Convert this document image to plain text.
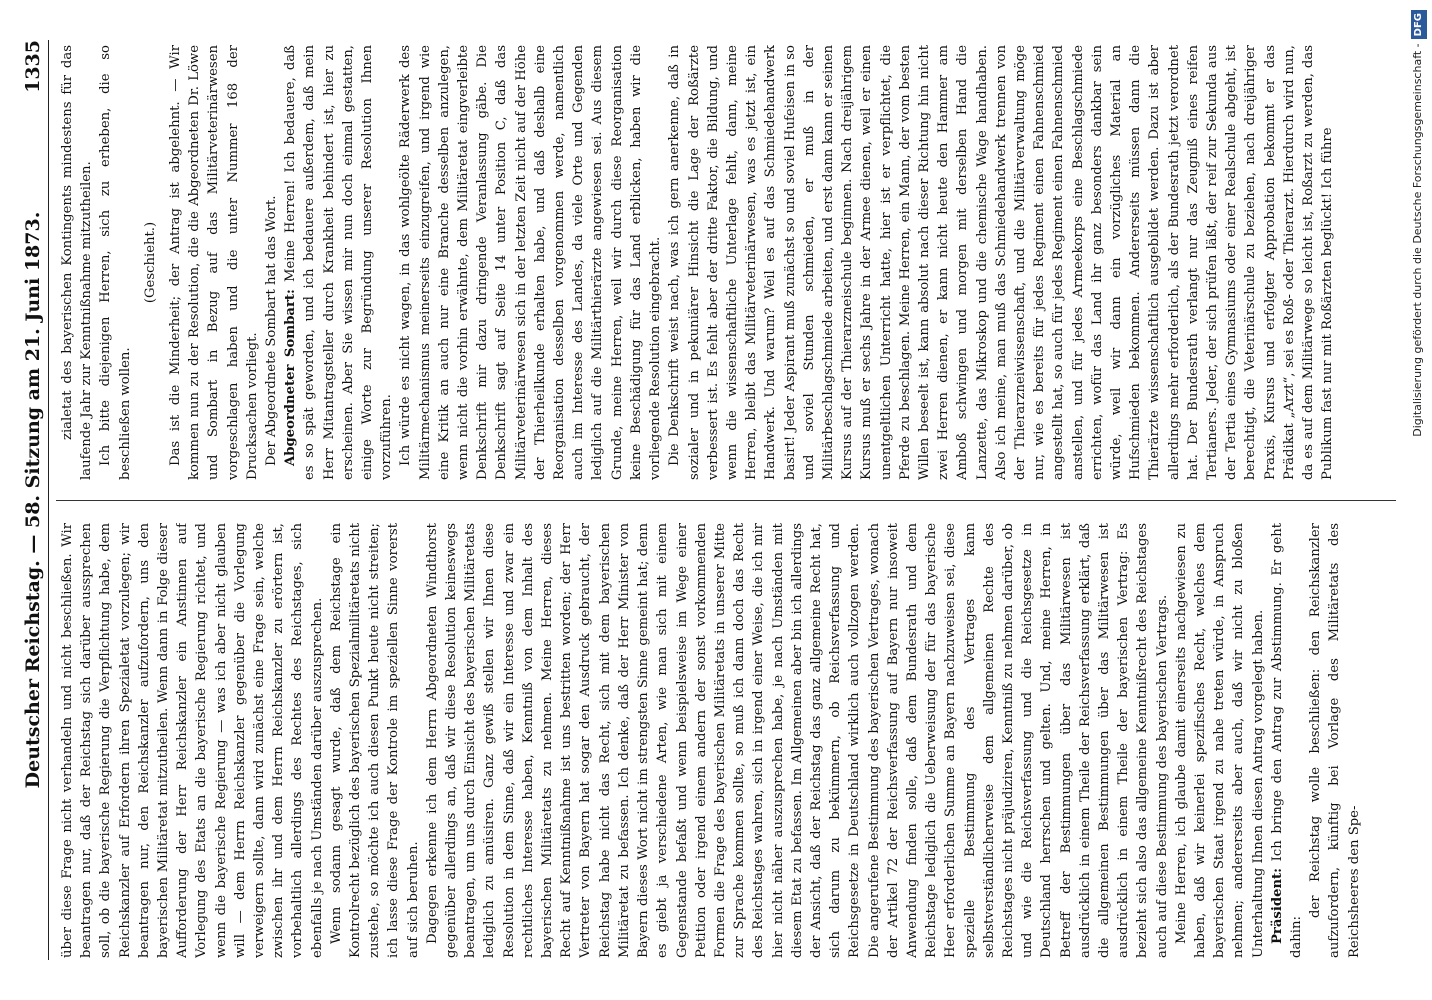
Deutscher Reichstag. — 58. Sitzung am 21. Juni 1873.
1335

über diese Frage nicht verhandeln und nicht beschließen. Wir beantragen nur, daß der Reichstag sich darüber aussprechen soll, ob die bayerische Regierung die Verpflichtung habe, dem Reichskanzler auf Erfordern ihren Spezialetat vorzulegen; wir beantragen nur, den Reichskanzler aufzufordern, uns den bayerischen Militäretat mitzutheilen. Wenn dann in Folge dieser Aufforderung der Herr Reichskanzler ein Anstinnen auf Vorlegung des Etats an die bayerische Regierung richtet, und wenn die bayerische Regierung — was ich aber nicht glauben will — dem Herrn Reichskanzler gegenüber die Vorlegung verweigern sollte, dann wird zunächst eine Frage sein, welche zwischen ihr und dem Herrn Reichskanzler zu erörtern ist, vorbehaltlich allerdings des Rechtes des Reichstages, sich ebenfalls je nach Umständen darüber auszusprechen. Wenn sodann gesagt wurde, daß dem Reichstage ein Kontrolrecht bezüglich des bayerischen Spezialmilitäretats nicht zustehe, so möchte ich auch diesen Punkt heute nicht streiten; ich lasse diese Frage der Kontrole im speziellen Sinne vorerst auf sich beruhen. Dagegen erkenne ich dem Herrn Abgeordneten Windthorst gegenüber allerdings an, daß wir diese Resolution keineswegs beantragen, um uns durch Einsicht des bayerischen Militäretats lediglich zu amüsiren. Ganz gewiß stellen wir Ihnen diese Resolution in dem Sinne, daß wir ein Interesse und zwar ein rechtliches Interesse haben, Kenntniß von dem Inhalt des bayerischen Militäretats zu nehmen. Meine Herren, dieses Recht auf Kenntnißnahme ist uns bestritten worden; der Herr Vertreter von Bayern hat sogar den Ausdruck gebraucht, der Reichstag habe nicht das Recht, sich mit dem bayerischen Militäretat zu befassen. Ich denke, daß der Herr Minister von Bayern dieses Wort nicht im strengsten Sinne gemeint hat; denn es giebt ja verschiedene Arten, wie man sich mit einem Gegenstande befaßt und wenn beispielsweise im Wege einer Petition oder irgend einem andern der sonst vorkommenden Formen die Frage des bayerischen Militäretats in unserer Mitte zur Sprache kommen sollte, so muß ich dann doch das Recht des Reichstages wahren, sich in irgend einer Weise, die ich mir hier nicht näher auszusprechen habe, je nach Umständen mit diesem Etat zu befassen. Im Allgemeinen aber bin ich allerdings der Ansicht, daß der Reichstag das ganz allgemeine Recht hat, sich darum zu bekümmern, ob Reichsverfassung und Reichsgesetze in Deutschland wirklich auch vollzogen werden. Die angerufene Bestimmung des bayerischen Vertrages, wonach der Artikel 72 der Reichsverfassung auf Bayern nur insoweit Anwendung finden solle, daß dem Bundesrath und dem Reichstage lediglich die Ueberweisung der für das bayerische Heer erforderlichen Summe an Bayern nachzuweisen sei, diese spezielle Bestimmung des Vertrages kann selbstverständlicherweise dem allgemeinen Rechte des Reichstages nicht präjudiziren, Kenntniß zu nehmen darüber, ob und wie die Reichsverfassung und die Reichsgesetze in Deutschland herrschen und gelten. Und, meine Herren, in Betreff der Bestimmungen über das Militärwesen ist ausdrücklich in einem Theile der Reichsverfassung erklärt, daß die allgemeinen Bestimmungen über das Militärwesen ist ausdrücklich in einem Theile der bayerischen Vertrag: Es bezieht sich also das allgemeine Kenntnißrecht des Reichstages auch auf diese Bestimmung des bayerischen Vertrags. Meine Herren, ich glaube damit einerseits nachgewiesen zu haben, daß wir keinerlei spezifisches Recht, welches dem bayerischen Staat irgend zu nahe treten würde, in Anspruch nehmen; andererseits aber auch, daß wir nicht zu bloßen Unterhaltung Ihnen diesen Antrag vorgelegt haben. Präsident: Ich bringe den Antrag zur Abstimmung. Er geht dahin:

der Reichstag wolle beschließen: den Reichskanzler aufzufordern, künftig bei Vorlage des Militäretats des Reichsheeres den Spe-

zialetat des bayerischen Kontingents mindestens für das laufende Jahr zur Kenntnißnahme mitzutheilen. Ich bitte diejenigen Herren, sich zu erheben, die so beschließen wollen.

(Geschieht.) Das ist die Minderheit; der Antrag ist abgelehnt. — Wir kommen nun zu der Resolution, die die Abgeordneten Dr. Löwe und Sombart in Bezug auf das Militärveterinärwesen vorgeschlagen haben und die unter Nummer 168 der Drucksachen vorliegt. Der Abgeordnete Sombart hat das Wort. Abgeordneter Sombart: Meine Herren! Ich bedauere, daß es so spät geworden, und ich bedauere außerdem, daß mein Herr Mitantragsteller durch Krankheit behindert ist, hier zu erscheinen. Aber Sie wissen mir nun doch einmal gestatten, einige Worte zur Begründung unserer Resolution Ihnen vorzuführen. Ich würde es nicht wagen, in das wohlgeölte Räderwerk des Militärmechanismus meinerseits einzugreifen, und irgend wie eine Kritik an auch nur eine Branche desselben anzulegen, wenn nicht die vorhin erwähnte, dem Militäretat eingverleibte Denkschrift mir dazu dringende Veranlassung gäbe. Die Denkschrift sagt auf Seite 14 unter Position C, daß das Militärveterinärwesen sich in der letzten Zeit nicht auf der Höhe der Thierheilkunde erhalten habe, und daß deshalb eine Reorganisation desselben vorgenommen werde, namentlich auch im Interesse des Landes, da viele Orte und Gegenden lediglich auf die Militärthierärzte angewiesen sei. Aus diesem Grunde, meine Herren, weil wir durch diese Reorganisation keine Beschädigung für das Land erblicken, haben wir die vorliegende Resolution eingebracht. Die Denkschrift weist nach, was ich gern anerkenne, daß in sozialer und in pekuniärer Hinsicht die Lage der Roßärzte verbessert ist. Es fehlt aber der dritte Faktor, die Bildung, und wenn die wissenschaftliche Unterlage fehlt, dann, meine Herren, bleibt das Militärveterinärwesen, was es jetzt ist, ein Handwerk. Und warum? Weil es auf das Schmiedehandwerk basirt! Jeder Aspirant muß zunächst so und soviel Hufeisen in so und soviel Stunden schmieden, er muß in der Militärbeschlagschmiede arbeiten, und erst dann kann er seinen Kursus auf der Thierarzneischule beginnen. Nach dreijährigem Kursus muß er sechs Jahre in der Armee dienen, weil er einen unentgeltlichen Unterricht hatte, hier ist er verpflichtet, die Pferde zu beschlagen. Meine Herren, ein Mann, der vom besten Willen beseelt ist, kann absolut nach dieser Richtung hin nicht zwei Herren dienen, er kann nicht heute den Hammer am Amboß schwingen und morgen mit derselben Hand die Lanzette, das Mikroskop und die chemische Wage handhaben. Also ich meine, man muß das Schmiedehandwerk trennen von der Thierarzneiwissenschaft, und die Militärverwaltung möge nur, wie es bereits für jedes Regiment einen Fahnenschmied angestellt hat, so auch für jedes Regiment einen Fahnenschmied anstellen, und für jedes Armeekorps eine Beschlagschmiede errichten, wofür das Land ihr ganz besonders dankbar sein würde, weil wir dann ein vorzügliches Material an Hufschmieden bekommen. Andererseits müssen dann die Thierärzte wissenschaftlich ausgebildet werden. Dazu ist aber allerdings mehr erforderlich, als der Bundesrath jetzt verordnet hat. Der Bundesrath verlangt nur das Zeugniß eines reifen Tertianers. Jeder, der sich prüfen läßt, der reif zur Sekunda aus der Tertia eines Gymnasiums oder einer Realschule abgeht, ist berechtigt, die Veterinärschule zu beziehen, nach dreijähriger Praxis, Kursus und erfolgter Approbation bekommt er das Prädikat „Arzt“, sei es Roß- oder Thierarzt. Hierdurch wird nun, da es auf dem Militärwege so leicht ist, Roßarzt zu werden, das Publikum fast nur mit Roßärzten beglückt! Ich führe	Digitalisierung gefördert durch die Deutsche Forschungsgemeinschaft -DFG
